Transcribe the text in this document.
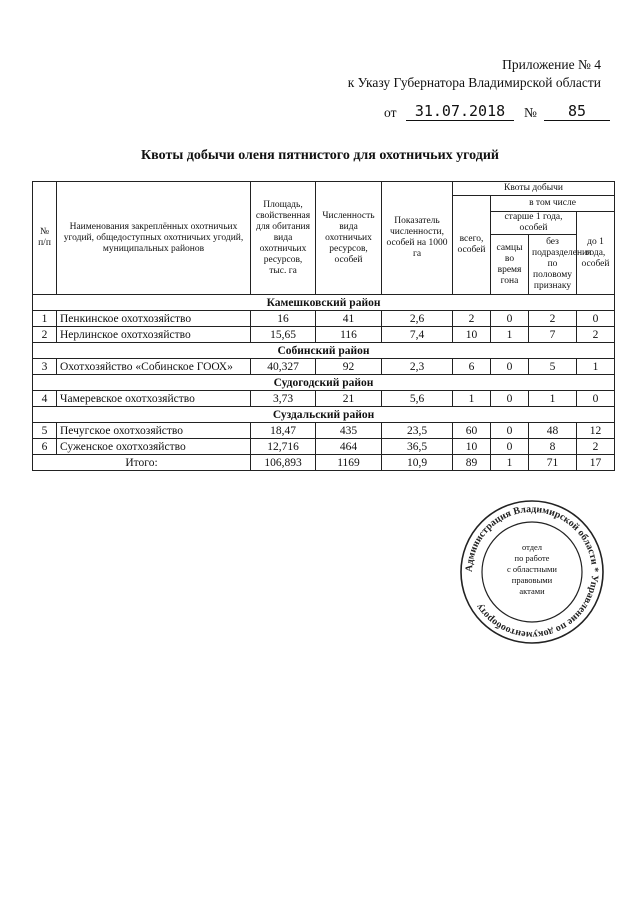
Приложение № 4
к Указу Губернатора Владимирской области
от	31.07.2018	№	85
Квоты добычи оленя пятнистого для охотничьих угодий
№ п/п	Наименования закреплённых охотничьих угодий, общедоступных охотничьих угодий, муниципальных районов	Площадь, свойственная для обитания вида охотничьих ресурсов, тыс. га	Численность вида охотничьих ресурсов, особей	Показатель численности, особей на 1000 га	Квоты добычи			
					всего, особей	в том числе		
						старше 1 года, особей		до 1 года, особей
						самцы во время гона	без подразделения по половому признаку	
Камешковский район								
1	Пенкинское охотхозяйство	16	41	2,6	2	0	2	0
2	Нерлинское охотхозяйство	15,65	116	7,4	10	1	7	2
Собинский район								
3	Охотхозяйство «Собинское ГООХ»	40,327	92	2,3	6	0	5	1
Судогодский район								
4	Чамеревское охотхозяйство	3,73	21	5,6	1	0	1	0
Суздальский район								
5	Печугское охотхозяйство	18,47	435	23,5	60	0	48	12
6	Суженское охотхозяйство	12,716	464	36,5	10	0	8	2
Итого:		106,893	1169	10,9	89	1	71	17
Администрация Владимирской области * Управление по документообороту
отдел
по работе
с областными
правовыми
актами
